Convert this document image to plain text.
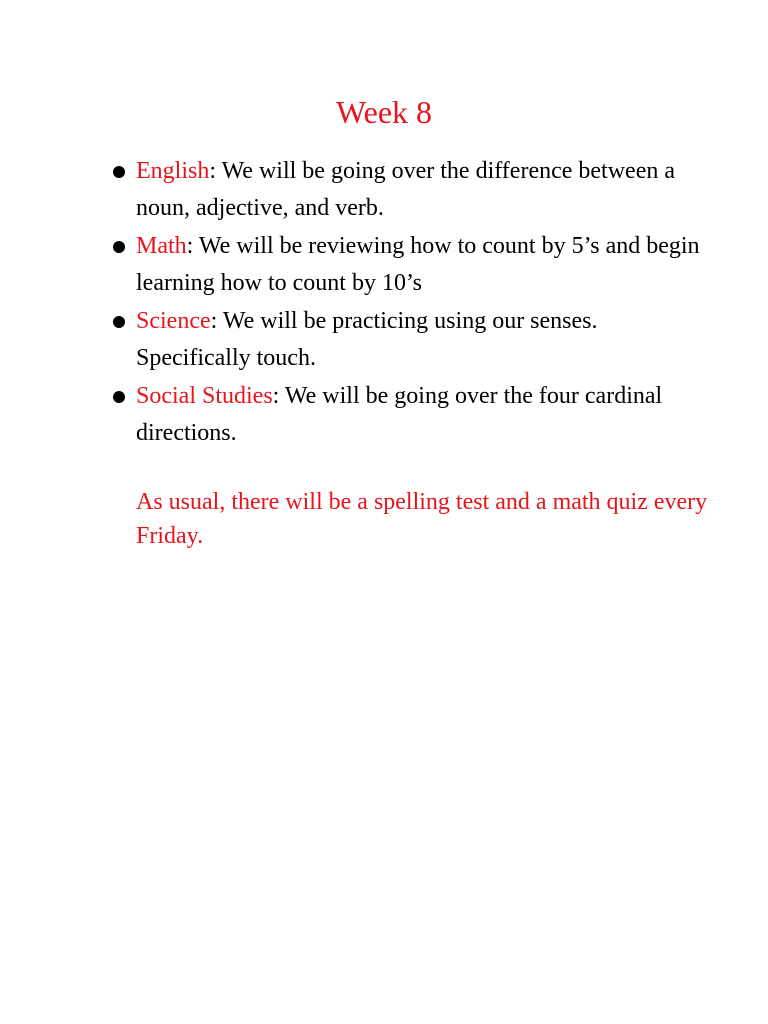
Week 8
English: We will be going over the difference between a noun, adjective, and verb.
Math: We will be reviewing how to count by 5’s and begin learning how to count by 10’s
Science: We will be practicing using our senses. Specifically touch.
Social Studies: We will be going over the four cardinal directions.
As usual, there will be a spelling test and a math quiz every Friday.
